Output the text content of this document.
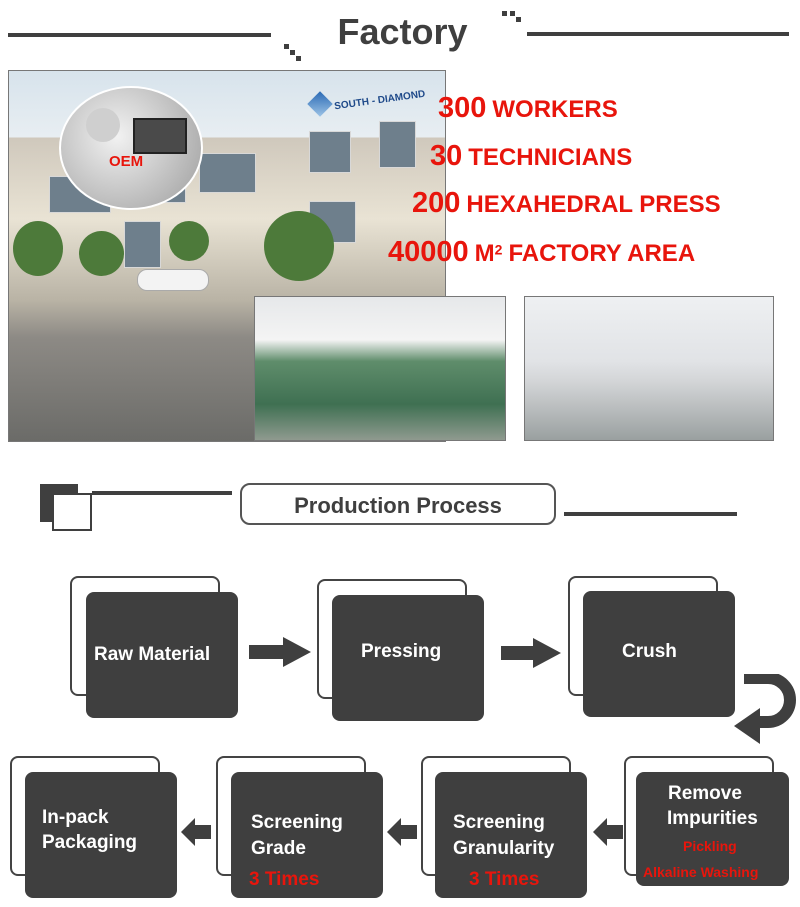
Factory
OEM
SOUTH - DIAMOND 300 WORKERS
30 TECHNICIANS
200 HEXAHEDRAL PRESS
40000 $M^2$ FACTORY AREA
Production Process
Raw Material	Pressing	Crush
Remove
Impurities
Pickling
Alkaline Washing
Screening
Granularity
3 Times
Screening
Grade
3 Times
In-pack
Packaging
